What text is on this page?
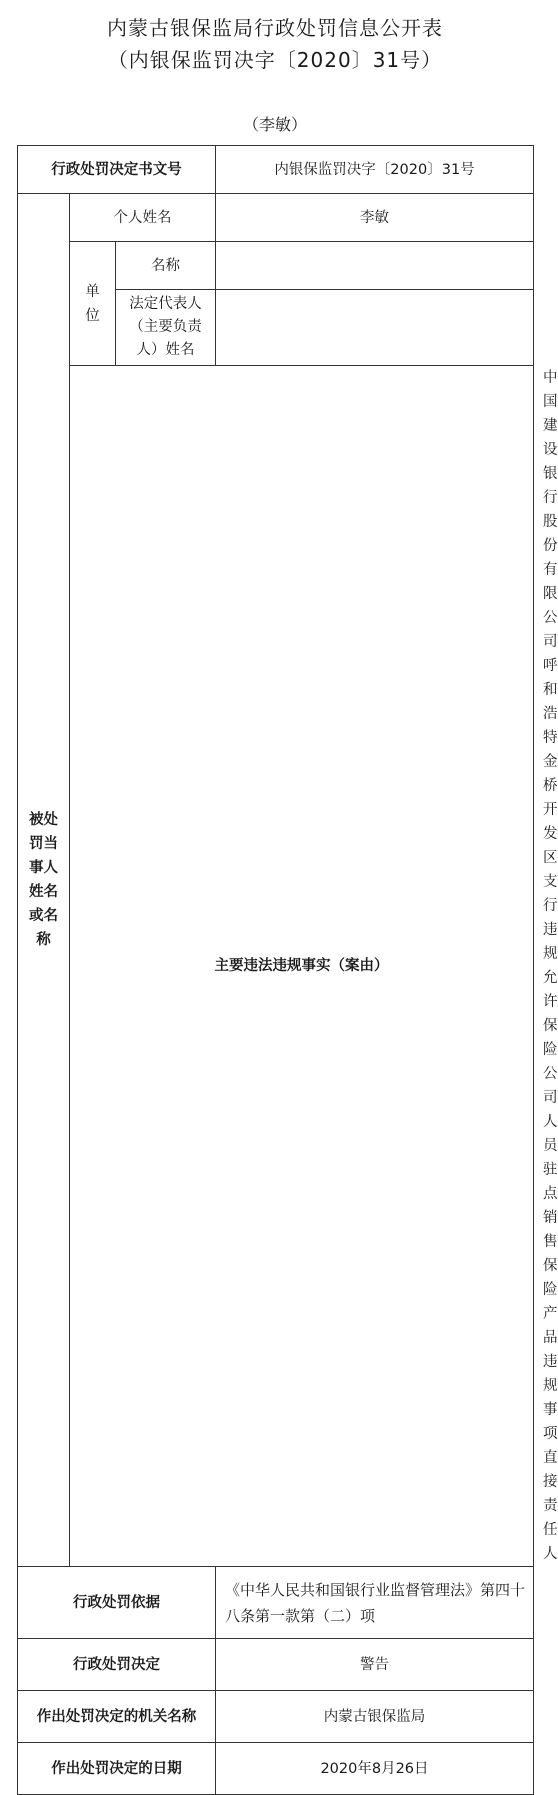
内蒙古银保监局行政处罚信息公开表
（内银保监罚决字〔2020〕31号）
（李敏）
行政处罚决定书文号			内银保监罚决字〔2020〕31号	
被处罚当事人姓名或名称	个人姓名		李敏	
	单位	名称		
		法定代表人（主要负责人）姓名		
	主要违法违规事实（案由）			中国建设银行股份有限公司呼和浩特金桥开发区支行违规允许保险公司人员驻点销售保险产品违规事项直接责任人
行政处罚依据			《中华人民共和国银行业监督管理法》第四十八条第一款第（二）项	
行政处罚决定			警告	
作出处罚决定的机关名称			内蒙古银保监局	
作出处罚决定的日期			2020年8月26日	
